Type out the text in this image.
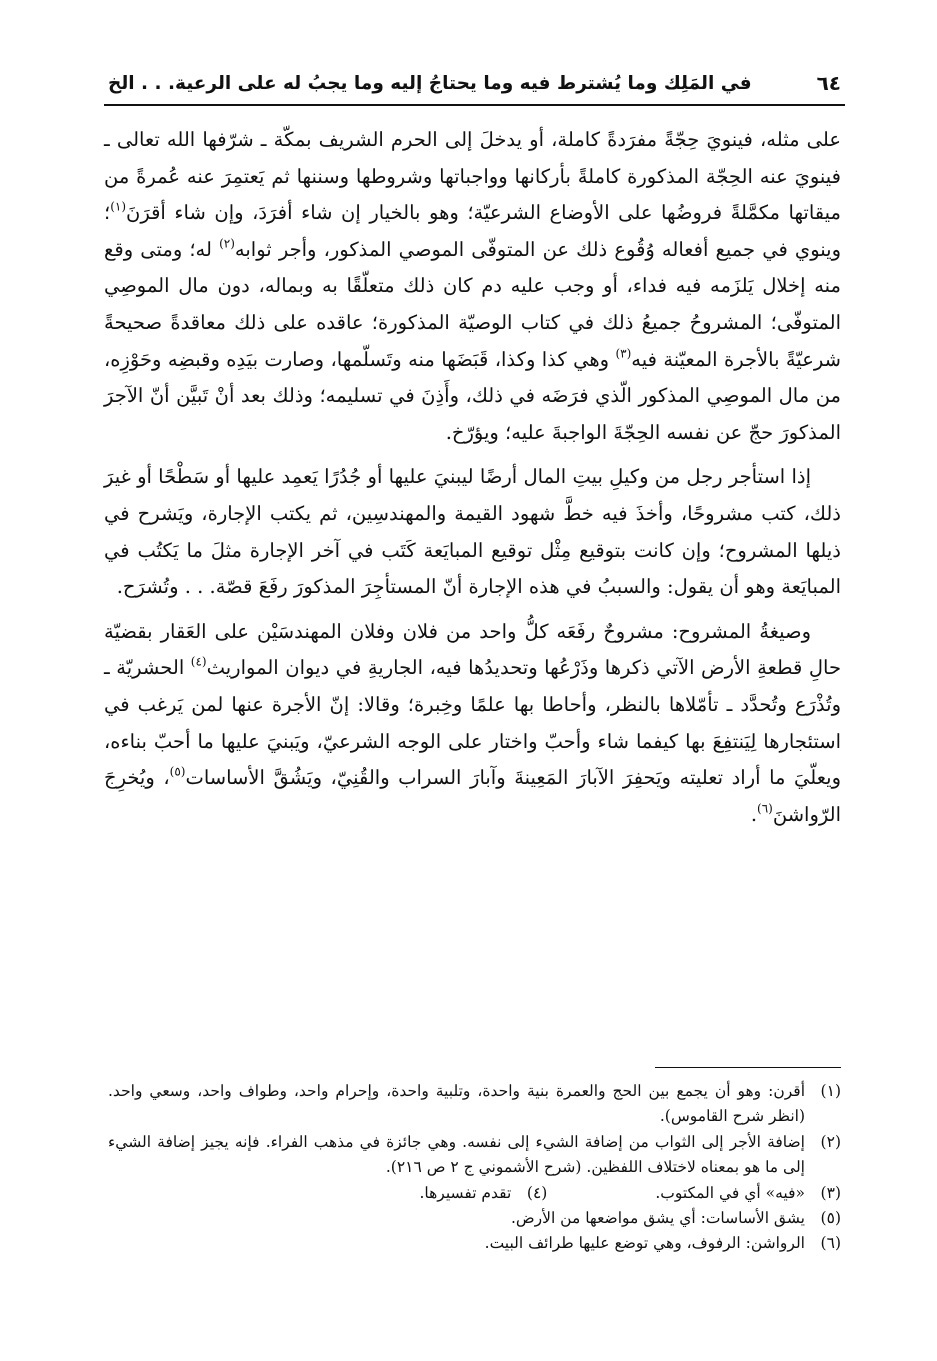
٦٤
في المَلِك وما يُشترط فيه وما يحتاجُ إليه وما يجبُ له على الرعية. . . الخ

على مثله، فينويَ حِجّةً مفرَدةً كاملة، أو يدخلَ إلى الحرم الشريف بمكّة ـ شرّفها الله تعالى ـ فينويَ عنه الحِجّة المذكورة كاملةً بأركانها وواجباتها وشروطها وسننها ثم يَعتمِرَ عنه عُمرةً من ميقاتها مكمَّلةً فروضُها على الأوضاع الشرعيّة؛ وهو بالخيار إن شاء أفرَدَ، وإن شاء أقرَنَ$^{(١)}$؛ وينوي في جميع أفعاله وُقُوع ذلك عن المتوفّى الموصي المذكور، وأجر ثوابه$^{(٢)}$ له؛ ومتى وقع منه إخلال يَلزَمه فيه فداء، أو وجب عليه دم كان ذلك متعلّقًا به وبماله، دون مال الموصِي المتوفّى؛ المشروحُ جميعُ ذلك في كتاب الوصيّة المذكورة؛ عاقده على ذلك معاقدةً صحيحةً شرعيّةً بالأجرة المعيّنة فيه$^{(٣)}$ وهي كذا وكذا، قَبَضَها منه وتَسلّمها، وصارت بيَدِه وقبضِه وحَوْزِه، من مال الموصِي المذكور الّذي فرَضَه في ذلك، وأَذِنَ في تسليمه؛ وذلك بعد أنْ تَبيَّن أنّ الآجرَ المذكورَ حجّ عن نفسه الحِجّةَ الواجبةَ عليه؛ ويؤرّخ.

إذا استأجر رجل من وكيلِ بيتِ المال أرضًا ليبنيَ عليها أو جُدُرًا يَعمِد عليها أو سَطْحًا أو غيرَ ذلك، كتب مشروحًا، وأخذَ فيه خطَّ شهود القيمة والمهندسِين، ثم يكتب الإجارة، ويَشرح في ذيلها المشروح؛ وإن كانت بتوقيع مِثْل توقيع المبايَعة كَتَب في آخر الإجارة مثلَ ما يَكتُب في المبايَعة وهو أن يقول: والسببُ في هذه الإجارة أنّ المستأجِرَ المذكورَ رفَعَ قصّة. . . وتُشرَح.

وصيغةُ المشروح: مشروحٌ رفَعَه كلُّ واحد من فلان وفلان المهندسَيْن على العَقار بقضيّة حالِ قطعةِ الأرض الآتي ذكرها وذَرْعُها وتحديدُها فيه، الجاريةِ في ديوان المواريث$^{(٤)}$ الحشريّة ـ وتُذْرَع وتُحدَّد ـ تأمّلاها بالنظر، وأحاطا بها علمًا وخِبرة؛ وقالا: إنّ الأجرة عنها لمن يَرغب في استئجارها لِيَنتفِعَ بها كيفما شاء وأحبّ واختار على الوجه الشرعيّ، ويَبنيَ عليها ما أحبّ بناءه، ويعلّيَ ما أراد تعليته ويَحفِرَ الآبارَ المَعِينةَ وآبارَ السراب والقُنِيّ، ويَشُقَّ الأساسات$^{(٥)}$، ويُخرِجَ الرّواشنَ$^{(٦)}$.

(١)
أقرن: وهو أن يجمع بين الحج والعمرة بنية واحدة، وتلبية واحدة، وإحرام واحد، وطواف واحد، وسعي واحد. (انظر شرح القاموس).
(٢)
إضافة الأجر إلى الثواب من إضافة الشيء إلى نفسه. وهي جائزة في مذهب الفراء. فإنه يجيز إضافة الشيء إلى ما هو بمعناه لاختلاف اللفظين. (شرح الأشموني ج ٢ ص ٢١٦).
(٣)
«فيه» أي في المكتوب.
(٤)
تقدم تفسيرها.
(٥)
يشق الأساسات: أي يشق مواضعها من الأرض.
(٦)
الرواشن: الرفوف، وهي توضع عليها طرائف البيت.
